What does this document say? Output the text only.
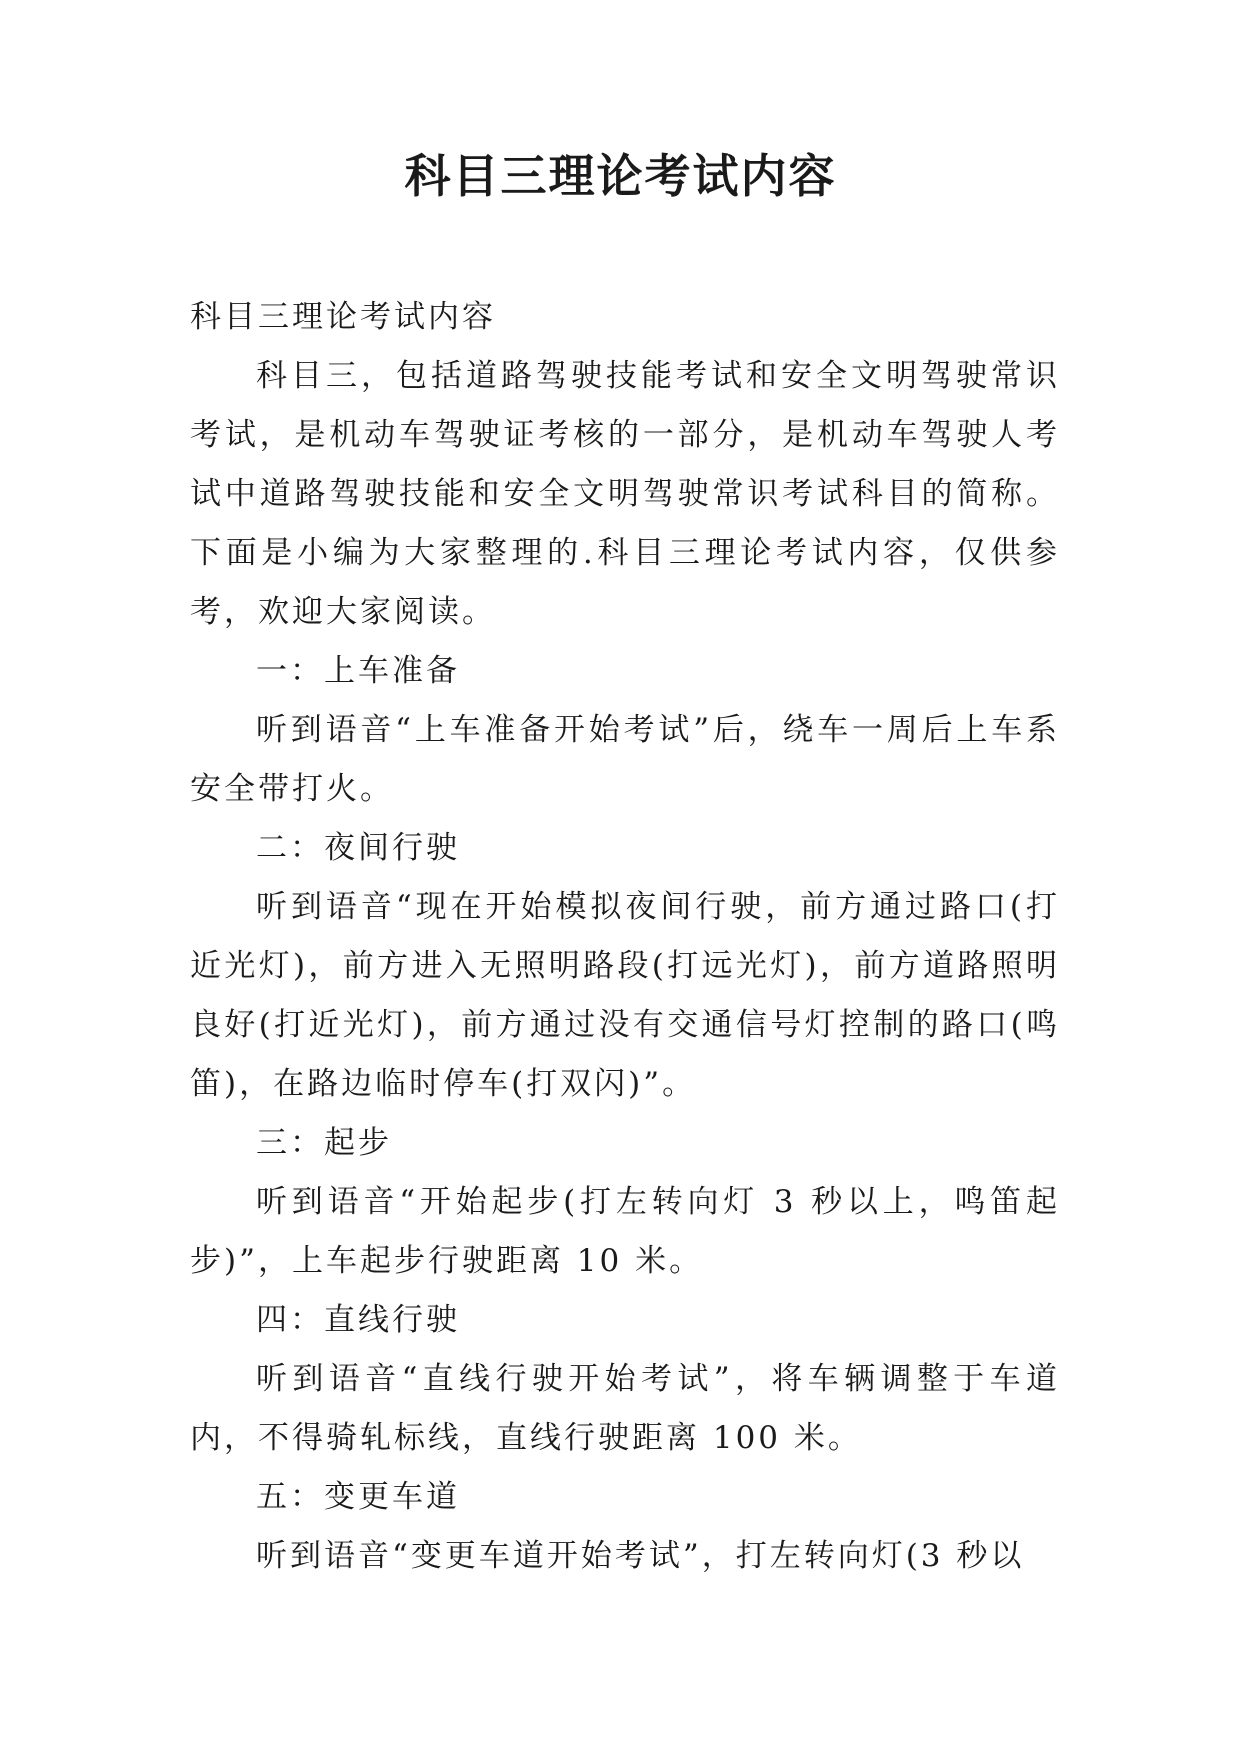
科目三理论考试内容

科目三理论考试内容

科目三，包括道路驾驶技能考试和安全文明驾驶常识考试，是机动车驾驶证考核的一部分，是机动车驾驶人考试中道路驾驶技能和安全文明驾驶常识考试科目的简称。下面是小编为大家整理的.科目三理论考试内容，仅供参考，欢迎大家阅读。

一：上车准备

听到语音“上车准备开始考试”后，绕车一周后上车系安全带打火。

二：夜间行驶

听到语音“现在开始模拟夜间行驶，前方通过路口(打近光灯)，前方进入无照明路段(打远光灯)，前方道路照明良好(打近光灯)，前方通过没有交通信号灯控制的路口(鸣笛)，在路边临时停车(打双闪)”。

三：起步

听到语音“开始起步(打左转向灯 3 秒以上，鸣笛起步)”，上车起步行驶距离 10 米。

四：直线行驶

听到语音“直线行驶开始考试”，将车辆调整于车道内，不得骑轧标线，直线行驶距离 100 米。

五：变更车道

听到语音“变更车道开始考试”，打左转向灯(3 秒以
